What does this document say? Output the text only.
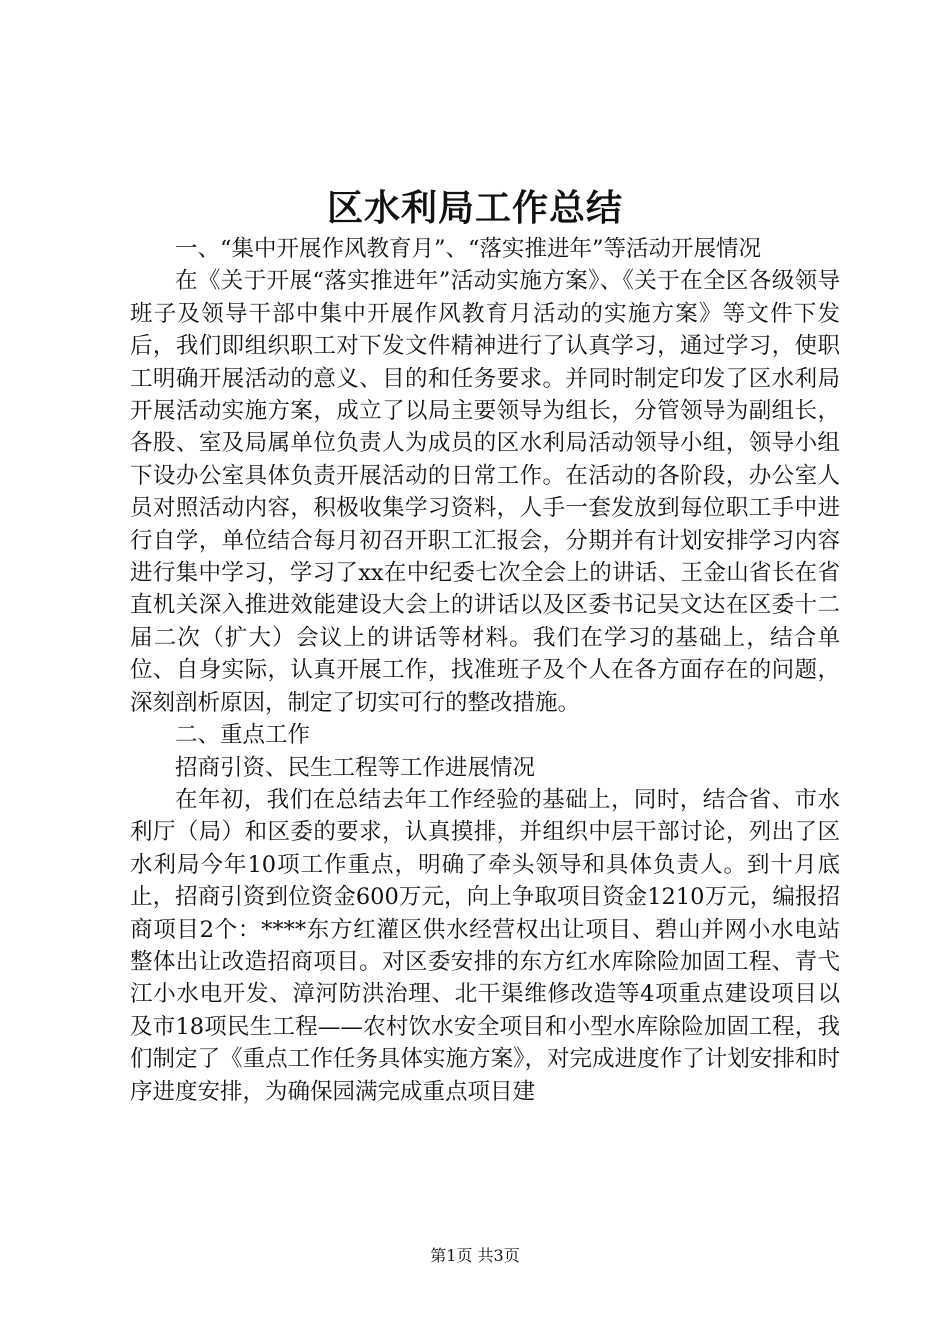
区水利局工作总结

一、“集中开展作风教育月”、“落实推进年”等活动开展情况

在《关于开展“落实推进年”活动实施方案》、《关于在全区各级领导班子及领导干部中集中开展作风教育月活动的实施方案》等文件下发后，我们即组织职工对下发文件精神进行了认真学习，通过学习，使职工明确开展活动的意义、目的和任务要求。并同时制定印发了区水利局开展活动实施方案，成立了以局主要领导为组长，分管领导为副组长，各股、室及局属单位负责人为成员的区水利局活动领导小组，领导小组下设办公室具体负责开展活动的日常工作。在活动的各阶段，办公室人员对照活动内容，积极收集学习资料，人手一套发放到每位职工手中进行自学，单位结合每月初召开职工汇报会，分期并有计划安排学习内容进行集中学习，学习了xx在中纪委七次全会上的讲话、王金山省长在省直机关深入推进效能建设大会上的讲话以及区委书记吴文达在区委十二届二次（扩大）会议上的讲话等材料。我们在学习的基础上，结合单位、自身实际，认真开展工作，找准班子及个人在各方面存在的问题，深刻剖析原因，制定了切实可行的整改措施。

二、重点工作

招商引资、民生工程等工作进展情况

在年初，我们在总结去年工作经验的基础上，同时，结合省、市水利厅（局）和区委的要求，认真摸排，并组织中层干部讨论，列出了区水利局今年10项工作重点，明确了牵头领导和具体负责人。到十月底止，招商引资到位资金600万元，向上争取项目资金1210万元，编报招商项目2个：****东方红灌区供水经营权出让项目、碧山并网小水电站整体出让改造招商项目。对区委安排的东方红水库除险加固工程、青弋江小水电开发、漳河防洪治理、北干渠维修改造等4项重点建设项目以及市18项民生工程——农村饮水安全项目和小型水库除险加固工程，我们制定了《重点工作任务具体实施方案》，对完成进度作了计划安排和时序进度安排，为确保园满完成重点项目建

第1页 共3页
